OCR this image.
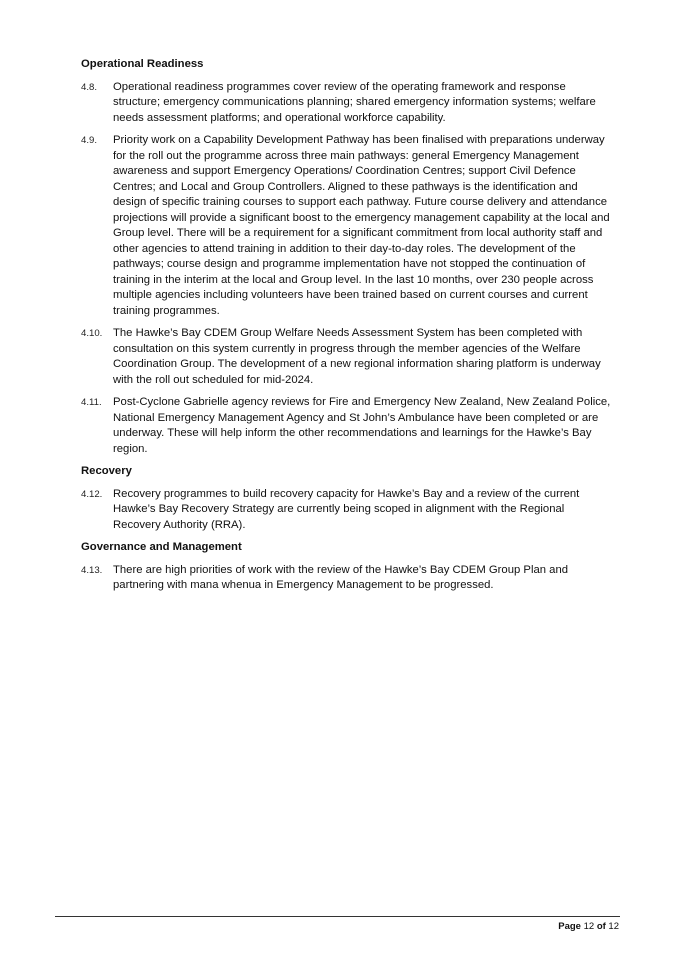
Operational Readiness
4.8.	Operational readiness programmes cover review of the operating framework and response structure; emergency communications planning; shared emergency information systems; welfare needs assessment platforms; and operational workforce capability.
4.9.	Priority work on a Capability Development Pathway has been finalised with preparations underway for the roll out the programme across three main pathways: general Emergency Management awareness and support Emergency Operations/ Coordination Centres; support Civil Defence Centres; and Local and Group Controllers. Aligned to these pathways is the identification and design of specific training courses to support each pathway. Future course delivery and attendance projections will provide a significant boost to the emergency management capability at the local and Group level. There will be a requirement for a significant commitment from local authority staff and other agencies to attend training in addition to their day-to-day roles. The development of the pathways; course design and programme implementation have not stopped the continuation of training in the interim at the local and Group level. In the last 10 months, over 230 people across multiple agencies including volunteers have been trained based on current courses and current training programmes.
4.10. The Hawke’s Bay CDEM Group Welfare Needs Assessment System has been completed with consultation on this system currently in progress through the member agencies of the Welfare Coordination Group. The development of a new regional information sharing platform is underway with the roll out scheduled for mid-2024.
4.11.	Post-Cyclone Gabrielle agency reviews for Fire and Emergency New Zealand, New Zealand Police, National Emergency Management Agency and St John’s Ambulance have been completed or are underway. These will help inform the other recommendations and learnings for the Hawke’s Bay region.
Recovery
4.12. Recovery programmes to build recovery capacity for Hawke’s Bay and a review of the current Hawke’s Bay Recovery Strategy are currently being scoped in alignment with the Regional Recovery Authority (RRA).
Governance and Management
4.13. There are high priorities of work with the review of the Hawke’s Bay CDEM Group Plan and partnering with mana whenua in Emergency Management to be progressed.
Page 12 of 12
